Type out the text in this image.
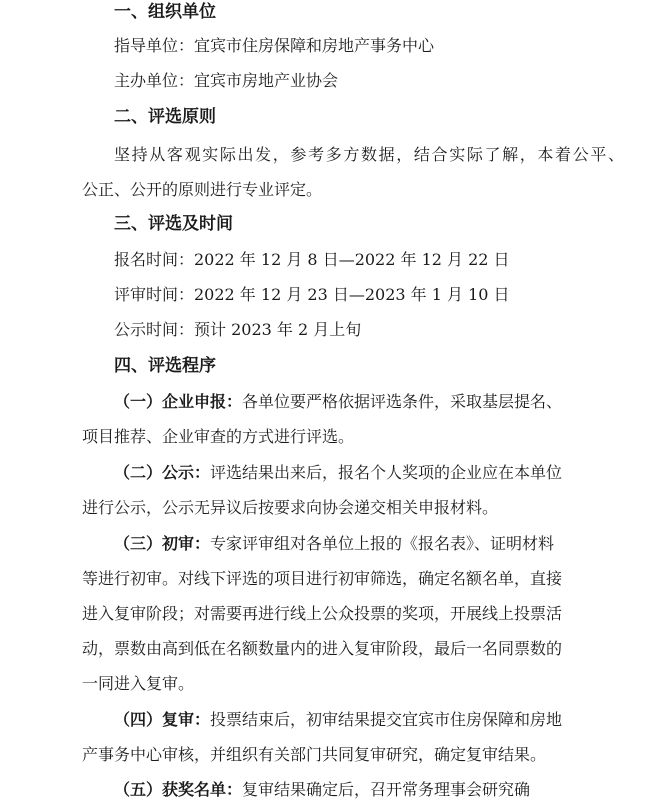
一、组织单位
指导单位：宜宾市住房保障和房地产事务中心
主办单位：宜宾市房地产业协会
二、评选原则
坚持从客观实际出发，参考多方数据，结合实际了解，本着公平、
公正、公开的原则进行专业评定。
三、评选及时间
报名时间：2022 年 12 月 8 日—2022 年 12 月 22 日
评审时间：2022 年 12 月 23 日—2023 年 1 月 10 日
公示时间：预计 2023 年 2 月上旬
四、评选程序
（一）企业申报：各单位要严格依据评选条件，采取基层提名、
项目推荐、企业审查的方式进行评选。
（二）公示：评选结果出来后，报名个人奖项的企业应在本单位
进行公示，公示无异议后按要求向协会递交相关申报材料。
（三）初审：专家评审组对各单位上报的《报名表》、证明材料
等进行初审。对线下评选的项目进行初审筛选，确定名额名单，直接
进入复审阶段；对需要再进行线上公众投票的奖项，开展线上投票活
动，票数由高到低在名额数量内的进入复审阶段，最后一名同票数的
一同进入复审。
（四）复审：投票结束后，初审结果提交宜宾市住房保障和房地
产事务中心审核，并组织有关部门共同复审研究，确定复审结果。
（五）获奖名单：复审结果确定后，召开常务理事会研究确
